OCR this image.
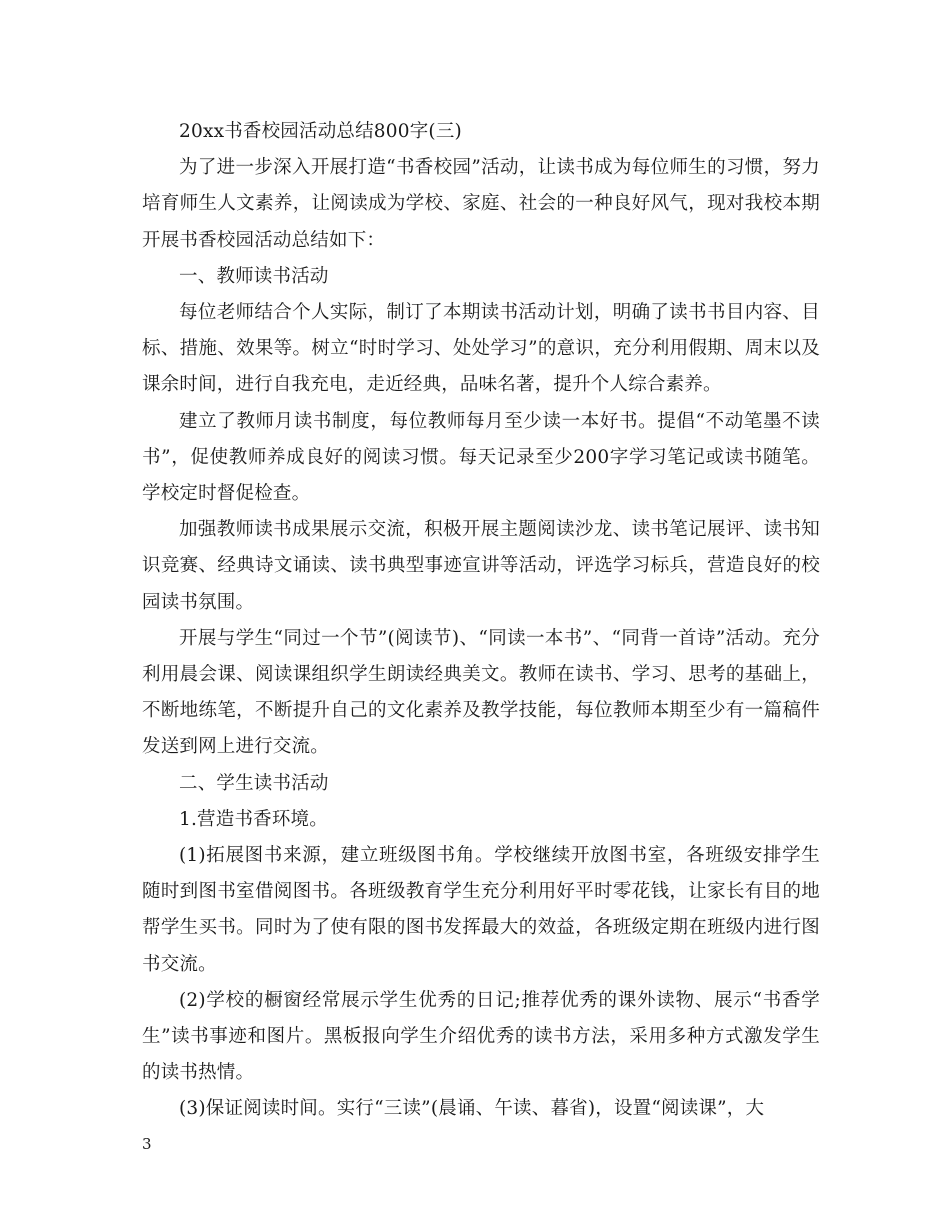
20xx书香校园活动总结800字(三)

为了进一步深入开展打造“书香校园”活动，让读书成为每位师生的习惯，努力培育师生人文素养，让阅读成为学校、家庭、社会的一种良好风气，现对我校本期开展书香校园活动总结如下：

一、教师读书活动

每位老师结合个人实际，制订了本期读书活动计划，明确了读书书目内容、目标、措施、效果等。树立“时时学习、处处学习”的意识，充分利用假期、周末以及课余时间，进行自我充电，走近经典，品味名著，提升个人综合素养。

建立了教师月读书制度，每位教师每月至少读一本好书。提倡“不动笔墨不读书”，促使教师养成良好的阅读习惯。每天记录至少200字学习笔记或读书随笔。学校定时督促检查。

加强教师读书成果展示交流，积极开展主题阅读沙龙、读书笔记展评、读书知识竞赛、经典诗文诵读、读书典型事迹宣讲等活动，评选学习标兵，营造良好的校园读书氛围。

开展与学生“同过一个节”(阅读节)、“同读一本书”、“同背一首诗”活动。充分利用晨会课、阅读课组织学生朗读经典美文。教师在读书、学习、思考的基础上，不断地练笔，不断提升自己的文化素养及教学技能，每位教师本期至少有一篇稿件发送到网上进行交流。

二、学生读书活动

1.营造书香环境。

(1)拓展图书来源，建立班级图书角。学校继续开放图书室，各班级安排学生随时到图书室借阅图书。各班级教育学生充分利用好平时零花钱，让家长有目的地帮学生买书。同时为了使有限的图书发挥最大的效益，各班级定期在班级内进行图书交流。

(2)学校的橱窗经常展示学生优秀的日记;推荐优秀的课外读物、展示“书香学生”读书事迹和图片。黑板报向学生介绍优秀的读书方法，采用多种方式激发学生的读书热情。

(3)保证阅读时间。实行“三读”(晨诵、午读、暮省)，设置“阅读课”，大

3
